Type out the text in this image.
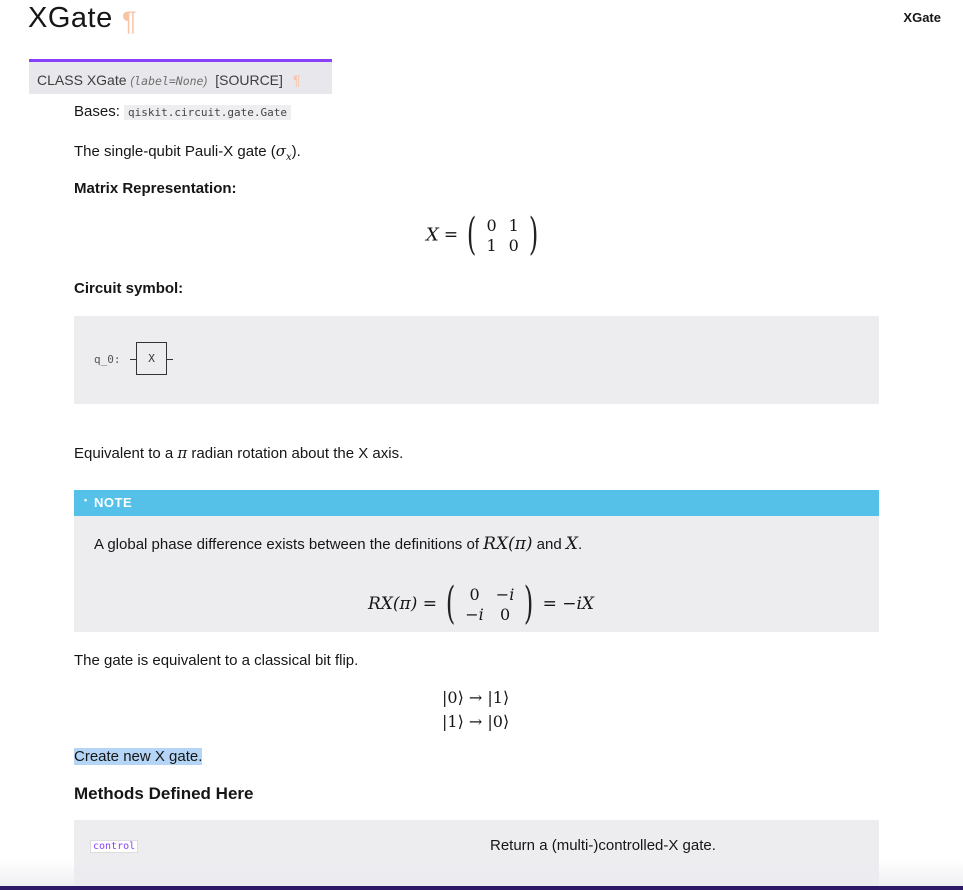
XGate ¶	XGate
CLASS XGate (label=None) [SOURCE] ¶

Bases: qiskit.circuit.gate.Gate

The single-qubit Pauli-X gate $(\sigma_x)$.

Matrix Representation:

X = ( 0	1
1	0 )

Circuit symbol:

q_0:	X

Equivalent to a π radian rotation about the X axis.

• NOTE

A global phase difference exists between the definitions of RX(π) and X.

RX(π) = ( 0	−i
−i	0 ) = −iX

The gate is equivalent to a classical bit flip.

|0⟩ → |1⟩
|1⟩ → |0⟩

Create new X gate.

Methods Defined Here
control	Return a (multi-)controlled-X gate.
